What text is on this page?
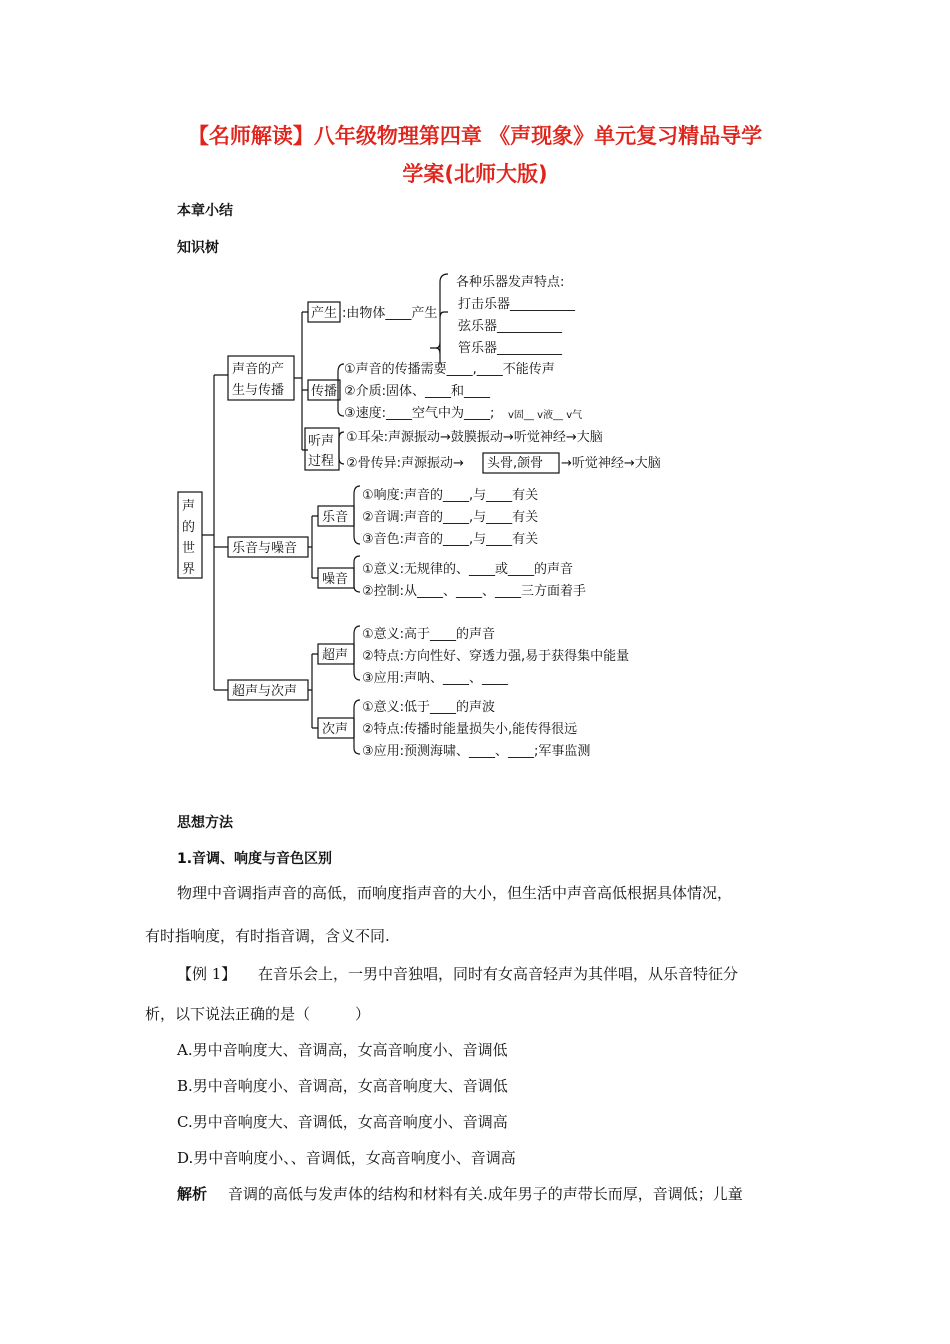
【名师解读】八年级物理第四章 《声现象》单元复习精品导学
学案(北师大版)
本章小结
知识树
声
的
世
界
声音的产
生与传播
产生 :由物体____产生
各种乐器发声特点:
打击乐器__________
弦乐器__________
管乐器__________
传播
①声音的传播需要____,____不能传声
②介质:固体、____和____
③速度:____空气中为____; v固__ v液__ v气
听声
过程
①耳朵:声源振动→鼓膜振动→听觉神经→大脑
②骨传异:声源振动→ 头骨,颌骨 →听觉神经→大脑
乐音与噪音
乐音
①响度:声音的____,与____有关
②音调:声音的____,与____有关
③音色:声音的____,与____有关
噪音
①意义:无规律的、____或____的声音
②控制:从____、____、____三方面着手
超声与次声
超声
①意义:高于____的声音
②特点:方向性好、穿透力强,易于获得集中能量
③应用:声呐、____、____
次声
①意义:低于____的声波
②特点:传播时能量损失小,能传得很远
③应用:预测海啸、____、____;军事监测
思想方法
1.音调、响度与音色区别
物理中音调指声音的高低，而响度指声音的大小，但生活中声音高低根据具体情况，
有时指响度，有时指音调，含义不同.
【例 1】 在音乐会上，一男中音独唱，同时有女高音轻声为其伴唱，从乐音特征分
析，以下说法正确的是（　　　）
A.男中音响度大、音调高，女高音响度小、音调低
B.男中音响度小、音调高，女高音响度大、音调低
C.男中音响度大、音调低，女高音响度小、音调高
D.男中音响度小、、音调低，女高音响度小、音调高
解析 音调的高低与发声体的结构和材料有关.成年男子的声带长而厚，音调低；儿童
